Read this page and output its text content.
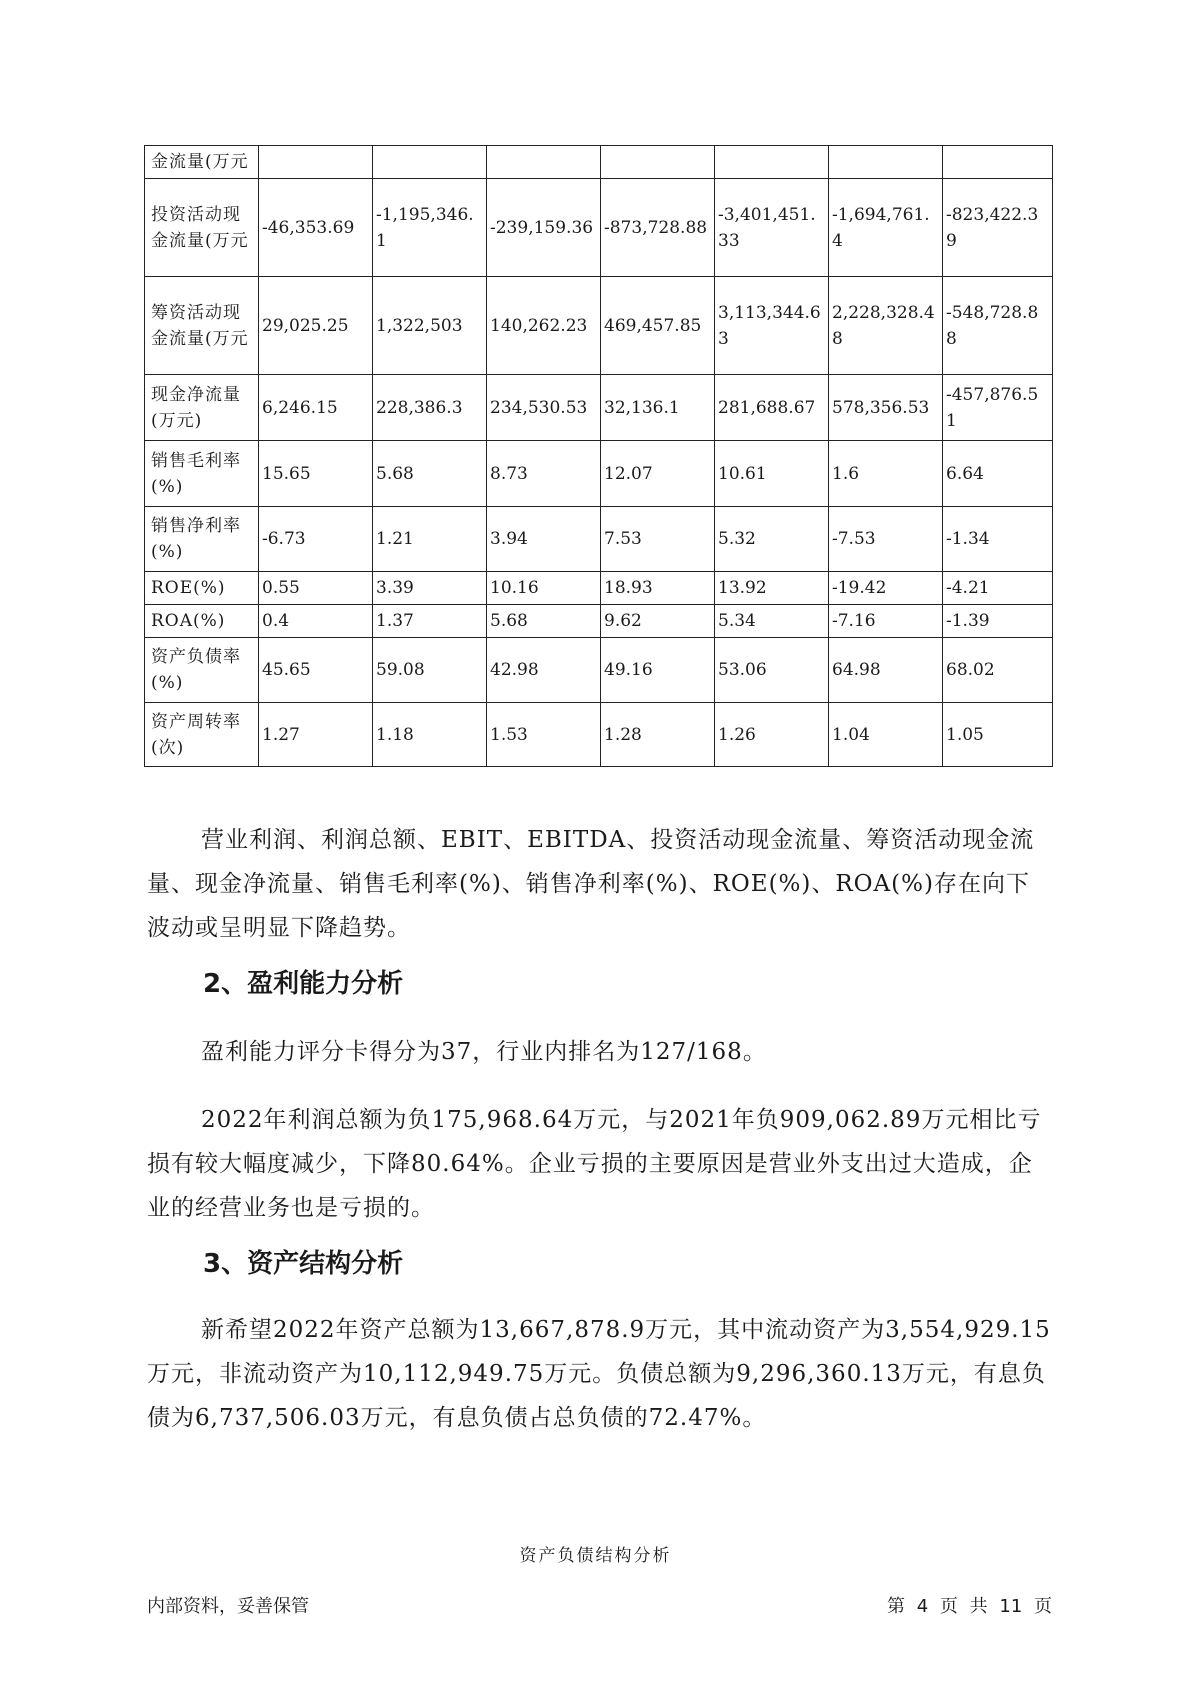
金流量(万元							

投资活动现
金流量(万元	-46,353.69	-1,195,346.1	-239,159.36	-873,728.88	-3,401,451.33	-1,694,761.4	-823,422.39

筹资活动现
金流量(万元	29,025.25	1,322,503	140,262.23	469,457.85	3,113,344.63	2,228,328.48	-548,728.88

现金净流量
(万元)	6,246.15	228,386.3	234,530.53	32,136.1	281,688.67	578,356.53	-457,876.51

销售毛利率
(%)	15.65	5.68	8.73	12.07	10.61	1.6	6.64

销售净利率
(%)	-6.73	1.21	3.94	7.53	5.32	-7.53	-1.34

ROE(%)	0.55	3.39	10.16	18.93	13.92	-19.42	-4.21

ROA(%)	0.4	1.37	5.68	9.62	5.34	-7.16	-1.39

资产负债率
(%)	45.65	59.08	42.98	49.16	53.06	64.98	68.02

资产周转率
(次)	1.27	1.18	1.53	1.28	1.26	1.04	1.05

营业利润、利润总额、EBIT、EBITDA、投资活动现金流量、筹资活动现金流量、现金净流量、销售毛利率(%)、销售净利率(%)、ROE(%)、ROA(%)存在向下波动或呈明显下降趋势。

2、盈利能力分析

盈利能力评分卡得分为37，行业内排名为127/168。

2022年利润总额为负175,968.64万元，与2021年负909,062.89万元相比亏损有较大幅度减少，下降80.64%。企业亏损的主要原因是营业外支出过大造成，企业的经营业务也是亏损的。

3、资产结构分析

新希望2022年资产总额为13,667,878.9万元，其中流动资产为3,554,929.15万元，非流动资产为10,112,949.75万元。负债总额为9,296,360.13万元，有息负债为6,737,506.03万元，有息负债占总负债的72.47%。

资产负债结构分析
内部资料，妥善保管	第 4 页 共 11 页
